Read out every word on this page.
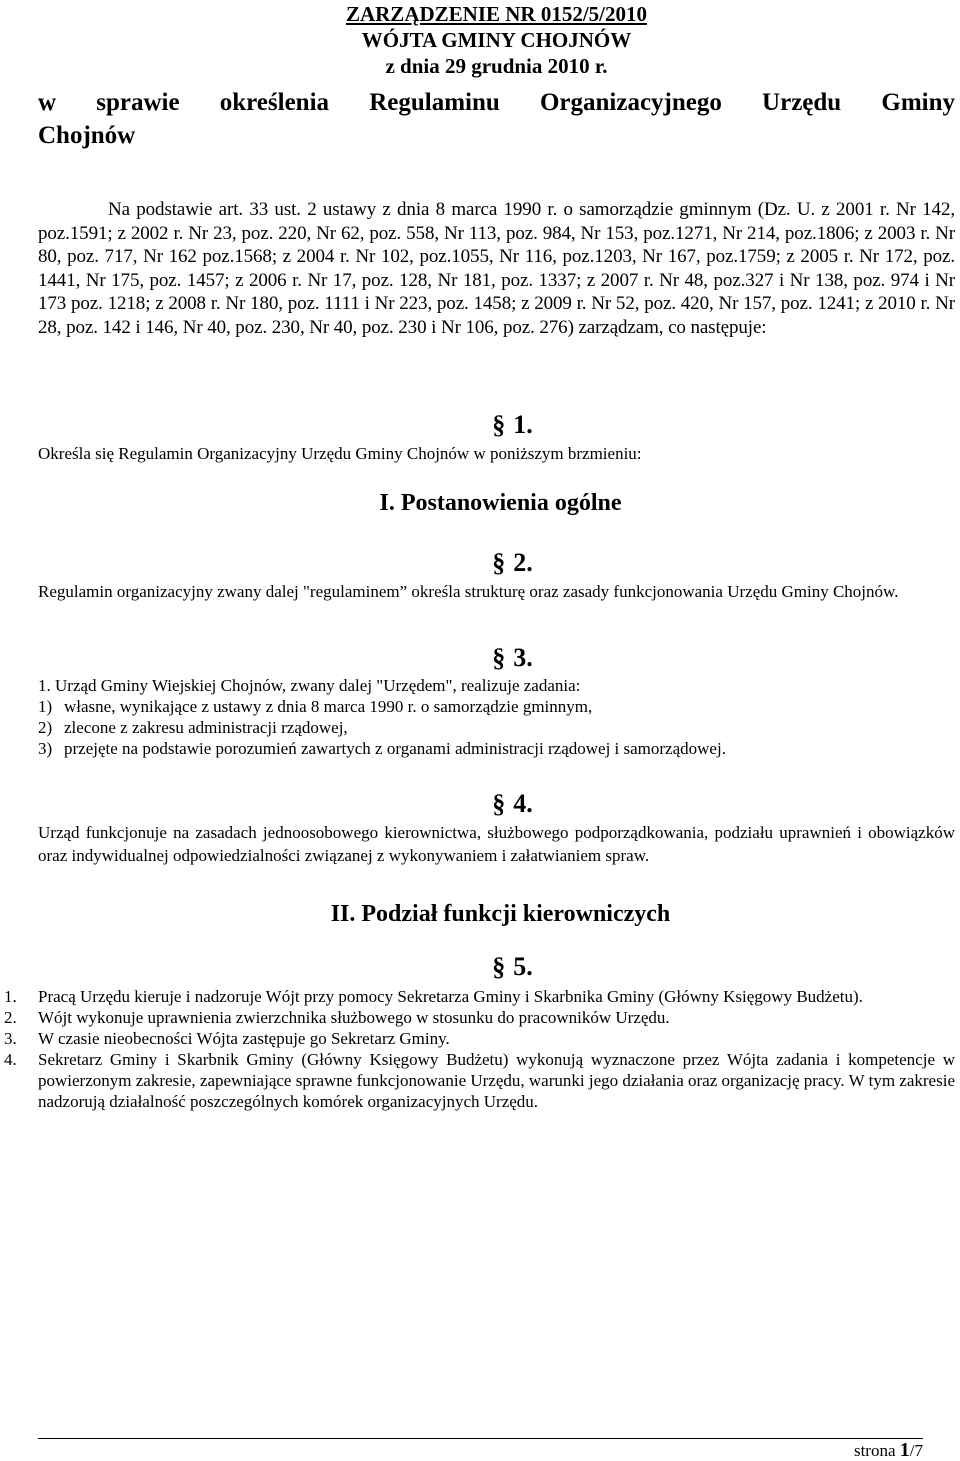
ZARZĄDZENIE NR 0152/5/2010
WÓJTA GMINY CHOJNÓW
z dnia 29 grudnia 2010 r.
w sprawie określenia Regulaminu Organizacyjnego Urzędu Gminy
Chojnów
Na podstawie art. 33 ust. 2 ustawy z dnia 8 marca 1990 r. o samorządzie gminnym (Dz. U. z 2001 r. Nr 142, poz.1591; z 2002 r. Nr 23, poz. 220, Nr 62, poz. 558, Nr 113, poz. 984, Nr 153, poz.1271, Nr 214, poz.1806; z 2003 r. Nr 80, poz. 717, Nr 162 poz.1568; z 2004 r. Nr 102, poz.1055, Nr 116, poz.1203, Nr 167, poz.1759; z 2005 r. Nr 172, poz. 1441, Nr 175, poz. 1457; z 2006 r. Nr 17, poz. 128, Nr 181, poz. 1337; z 2007 r. Nr 48, poz.327 i Nr 138, poz. 974 i Nr 173 poz. 1218; z 2008 r. Nr 180, poz. 1111 i Nr 223, poz. 1458; z 2009 r. Nr 52, poz. 420, Nr 157, poz. 1241; z 2010 r. Nr 28, poz. 142 i 146, Nr 40, poz. 230, Nr 40, poz. 230 i Nr 106, poz. 276) zarządzam, co następuje:
§ 1.
Określa się Regulamin Organizacyjny Urzędu Gminy Chojnów w poniższym brzmieniu:
I. Postanowienia ogólne
§ 2.
Regulamin organizacyjny zwany dalej "regulaminem” określa strukturę oraz zasady funkcjonowania Urzędu Gminy Chojnów.
§ 3.
1. Urząd Gminy Wiejskiej Chojnów, zwany dalej "Urzędem", realizuje zadania:
1) własne, wynikające z ustawy z dnia 8 marca 1990 r. o samorządzie gminnym,
2) zlecone z zakresu administracji rządowej,
3) przejęte na podstawie porozumień zawartych z organami administracji rządowej i samorządowej.
§ 4.
Urząd funkcjonuje na zasadach jednoosobowego kierownictwa, służbowego podporządkowania, podziału uprawnień i obowiązków oraz indywidualnej odpowiedzialności związanej z wykonywaniem i załatwianiem spraw.
II. Podział funkcji kierowniczych
§ 5.
1. Pracą Urzędu kieruje i nadzoruje Wójt przy pomocy Sekretarza Gminy i Skarbnika Gminy (Główny Księgowy Budżetu).
2. Wójt wykonuje uprawnienia zwierzchnika służbowego w stosunku do pracowników Urzędu.
3. W czasie nieobecności Wójta zastępuje go Sekretarz Gminy.
4. Sekretarz Gminy i Skarbnik Gminy (Główny Księgowy Budżetu) wykonują wyznaczone przez Wójta zadania i kompetencje w powierzonym zakresie, zapewniające sprawne funkcjonowanie Urzędu, warunki jego działania oraz organizację pracy. W tym zakresie nadzorują działalność poszczególnych komórek organizacyjnych Urzędu.
strona 1/7
